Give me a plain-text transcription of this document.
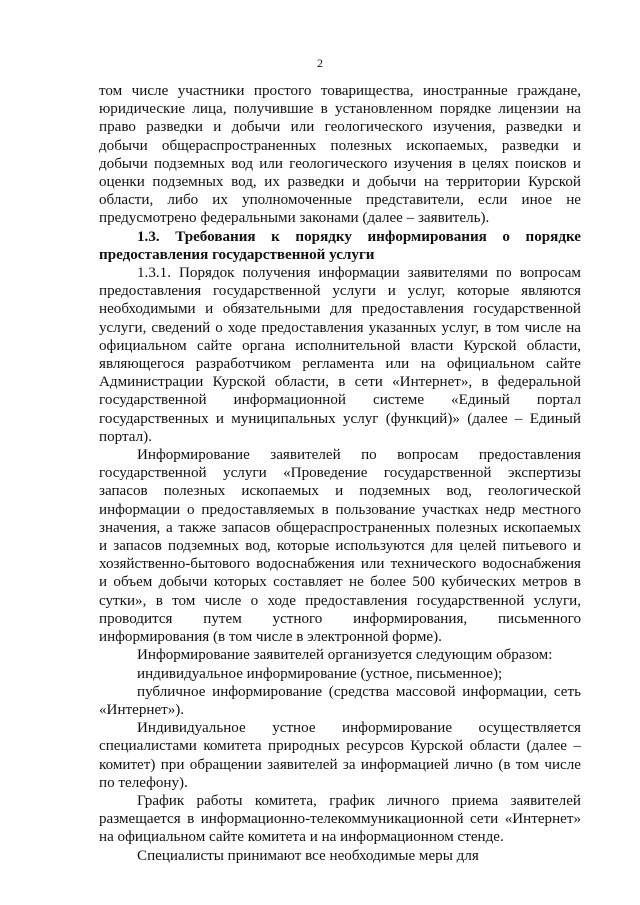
2

том числе участники простого товарищества, иностранные граждане, юридические лица, получившие в установленном порядке лицензии на право разведки и добычи или геологического изучения, разведки и добычи общераспространенных полезных ископаемых, разведки и добычи подземных вод или геологического изучения в целях поисков и оценки подземных вод, их разведки и добычи на территории Курской области, либо их уполномоченные представители, если иное не предусмотрено федеральными законами (далее – заявитель).

1.3. Требования к порядку информирования о порядке предоставления государственной услуги

1.3.1. Порядок получения информации заявителями по вопросам предоставления государственной услуги и услуг, которые являются необходимыми и обязательными для предоставления государственной услуги, сведений о ходе предоставления указанных услуг, в том числе на официальном сайте органа исполнительной власти Курской области, являющегося разработчиком регламента или на официальном сайте Администрации Курской области, в сети «Интернет», в федеральной государственной информационной системе «Единый портал государственных и муниципальных услуг (функций)» (далее – Единый портал).

Информирование заявителей по вопросам предоставления государственной услуги «Проведение государственной экспертизы запасов полезных ископаемых и подземных вод, геологической информации о предоставляемых в пользование участках недр местного значения, а также запасов общераспространенных полезных ископаемых и запасов подземных вод, которые используются для целей питьевого и хозяйственно-бытового водоснабжения или технического водоснабжения и объем добычи которых составляет не более 500 кубических метров в сутки», в том числе о ходе предоставления государственной услуги, проводится путем устного информирования, письменного информирования (в том числе в электронной форме).

Информирование заявителей организуется следующим образом:

индивидуальное информирование (устное, письменное);

публичное информирование (средства массовой информации, сеть «Интернет»).

Индивидуальное устное информирование осуществляется специалистами комитета природных ресурсов Курской области (далее – комитет) при обращении заявителей за информацией лично (в том числе по телефону).

График работы комитета, график личного приема заявителей размещается в информационно-телекоммуникационной сети «Интернет» на официальном сайте комитета и на информационном стенде.

Специалисты принимают все необходимые меры для
